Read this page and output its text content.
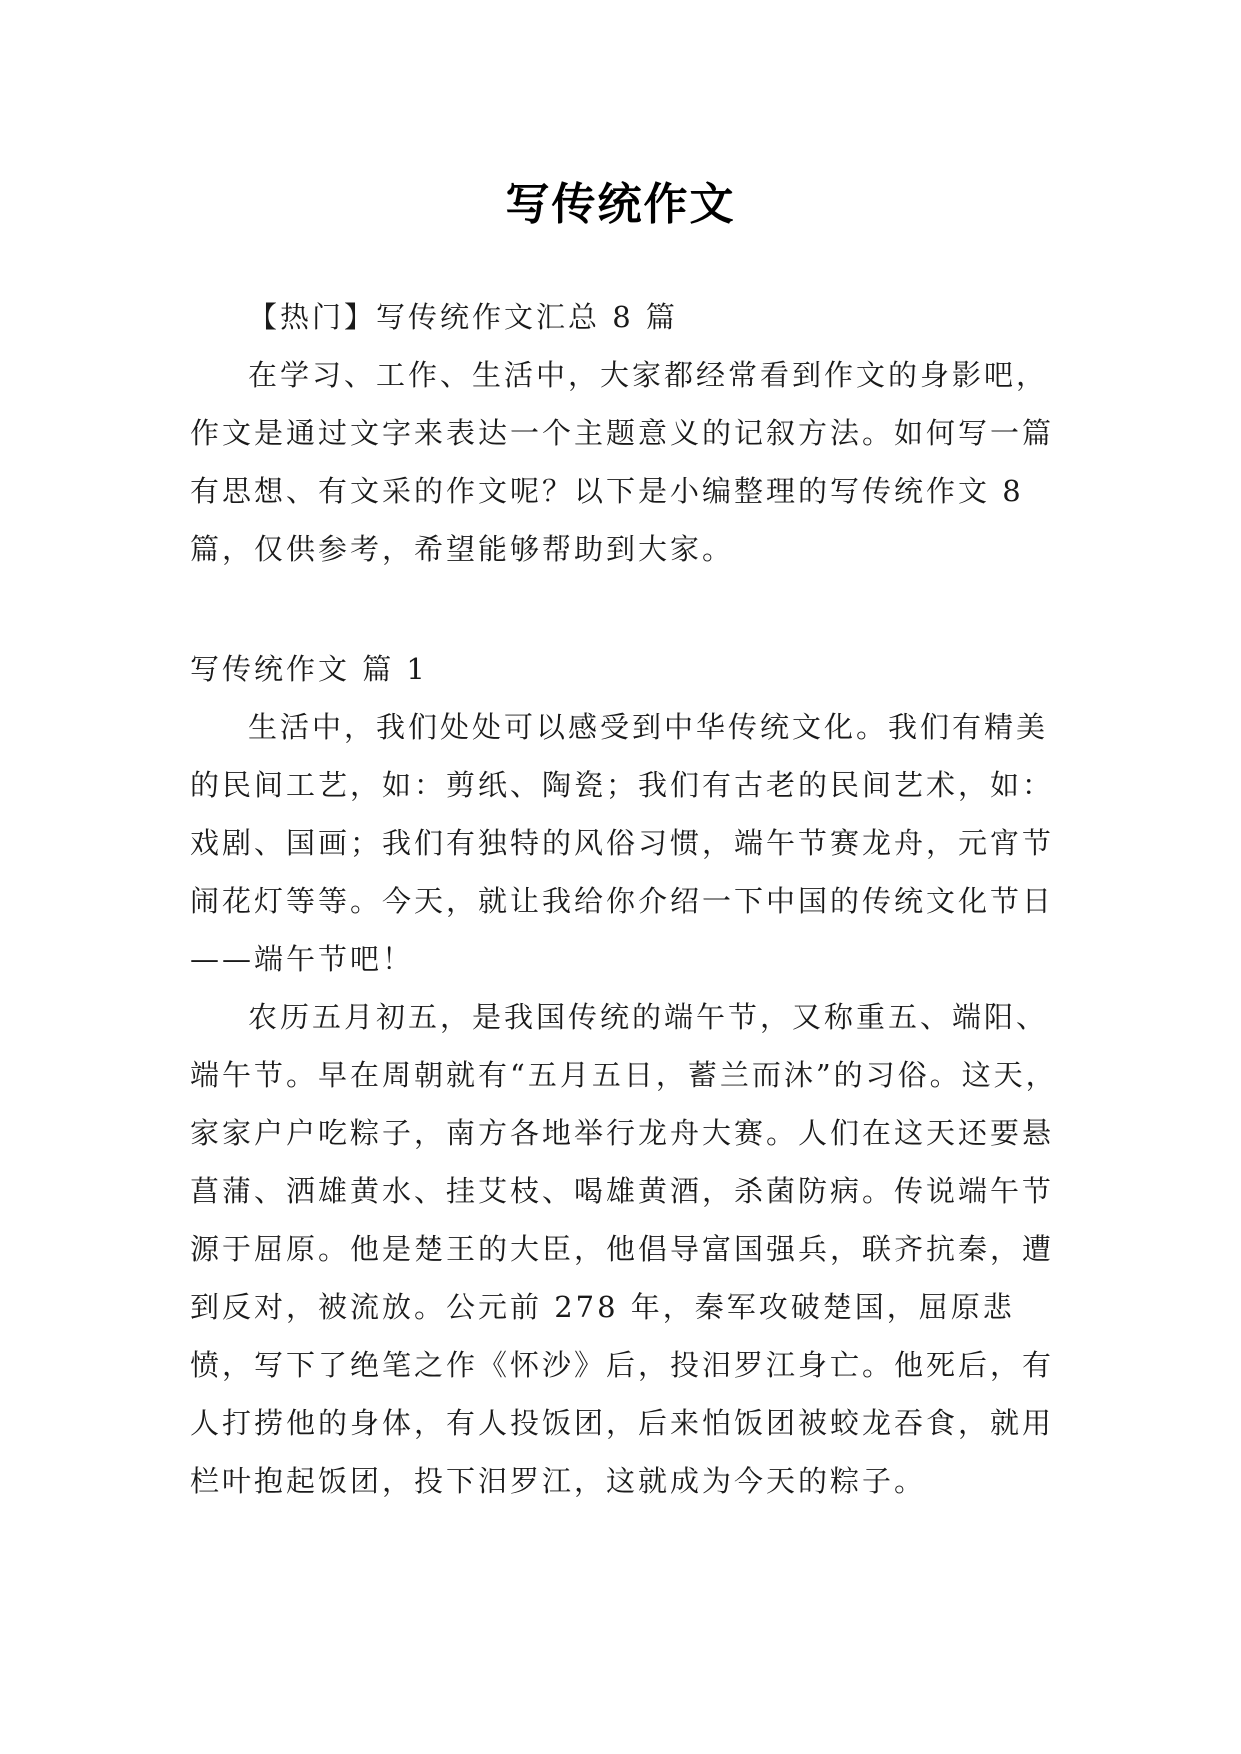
写传统作文

【热门】写传统作文汇总 8 篇

在学习、工作、生活中，大家都经常看到作文的身影吧，作文是通过文字来表达一个主题意义的记叙方法。如何写一篇有思想、有文采的作文呢？以下是小编整理的写传统作文 8 篇，仅供参考，希望能够帮助到大家。

写传统作文 篇 1

生活中，我们处处可以感受到中华传统文化。我们有精美的民间工艺，如：剪纸、陶瓷；我们有古老的民间艺术，如：戏剧、国画；我们有独特的风俗习惯，端午节赛龙舟，元宵节闹花灯等等。今天，就让我给你介绍一下中国的传统文化节日——端午节吧！

农历五月初五，是我国传统的端午节，又称重五、端阳、端午节。早在周朝就有“五月五日，蓄兰而沐”的习俗。这天，家家户户吃粽子，南方各地举行龙舟大赛。人们在这天还要悬菖蒲、洒雄黄水、挂艾枝、喝雄黄酒，杀菌防病。传说端午节源于屈原。他是楚王的大臣，他倡导富国强兵，联齐抗秦，遭到反对，被流放。公元前 278 年，秦军攻破楚国，屈原悲愤，写下了绝笔之作《怀沙》后，投汨罗江身亡。他死后，有人打捞他的身体，有人投饭团，后来怕饭团被蛟龙吞食，就用栏叶抱起饭团，投下汨罗江，这就成为今天的粽子。
